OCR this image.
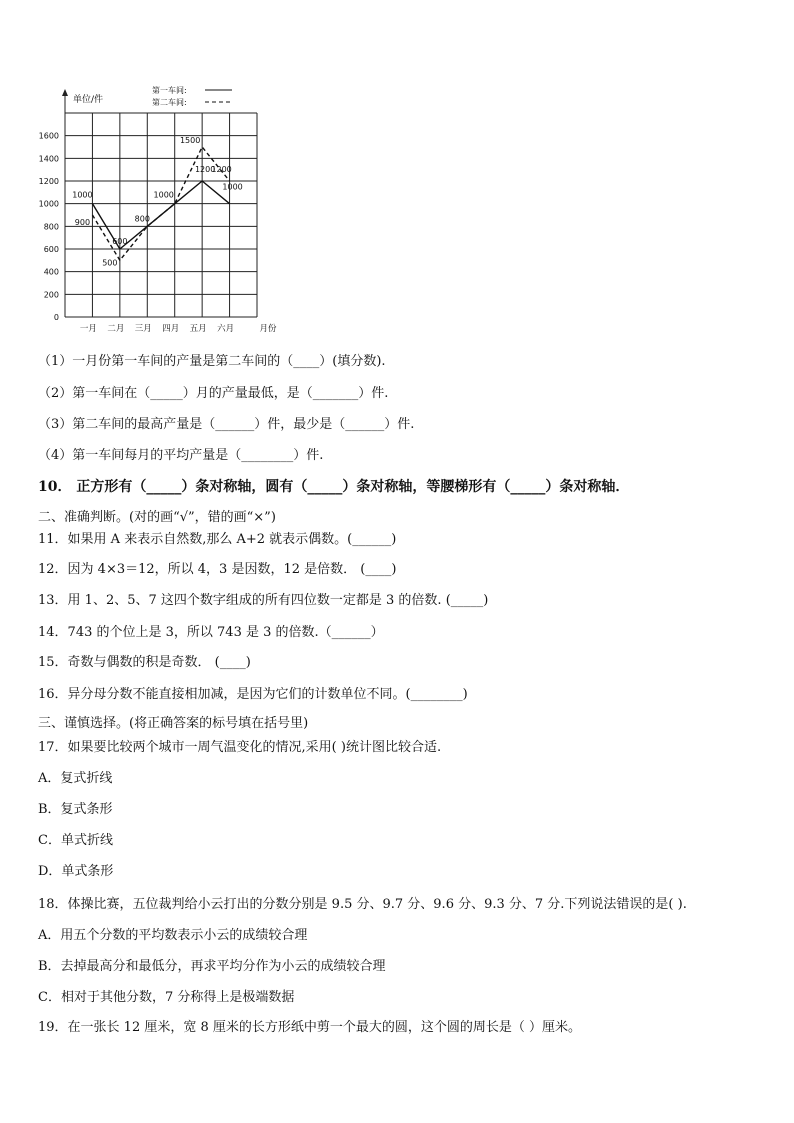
单位/件
0
200
400
600
800
1000
1200
1400
1600
一月 二月 三月 四月 五月 六月	月份
第一车间:
第二车间:
1000
600
800
1000
1200
1000
900
500
1500
1200
（1）一月份第一车间的产量是第二车间的（____）(填分数).
（2）第一车间在（_____）月的产量最低，是（_______）件.
（3）第二车间的最高产量是（______）件，最少是（______）件.
（4）第一车间每月的平均产量是（________）件.
10． 正方形有（_____）条对称轴，圆有（_____）条对称轴，等腰梯形有（_____）条对称轴．
二、准确判断。(对的画“√”，错的画“×”)
11．如果用 A 来表示自然数,那么 A+2 就表示偶数。(______)
12．因为 4×3＝12，所以 4，3 是因数，12 是倍数． (____)
13．用 1、2、5、7 这四个数字组成的所有四位数一定都是 3 的倍数. (_____)
14．743 的个位上是 3，所以 743 是 3 的倍数.（______）
15．奇数与偶数的积是奇数． (____)
16．异分母分数不能直接相加减，是因为它们的计数单位不同。(________)
三、谨慎选择。(将正确答案的标号填在括号里)
17．如果要比较两个城市一周气温变化的情况,采用( )统计图比较合适.
A．复式折线
B．复式条形
C．单式折线
D．单式条形
18．体操比赛，五位裁判给小云打出的分数分别是 9.5 分、9.7 分、9.6 分、9.3 分、7 分.下列说法错误的是( ).
A．用五个分数的平均数表示小云的成绩较合理
B．去掉最高分和最低分，再求平均分作为小云的成绩较合理
C．相对于其他分数，7 分称得上是极端数据
19．在一张长 12 厘米，宽 8 厘米的长方形纸中剪一个最大的圆，这个圆的周长是（ ）厘米。
